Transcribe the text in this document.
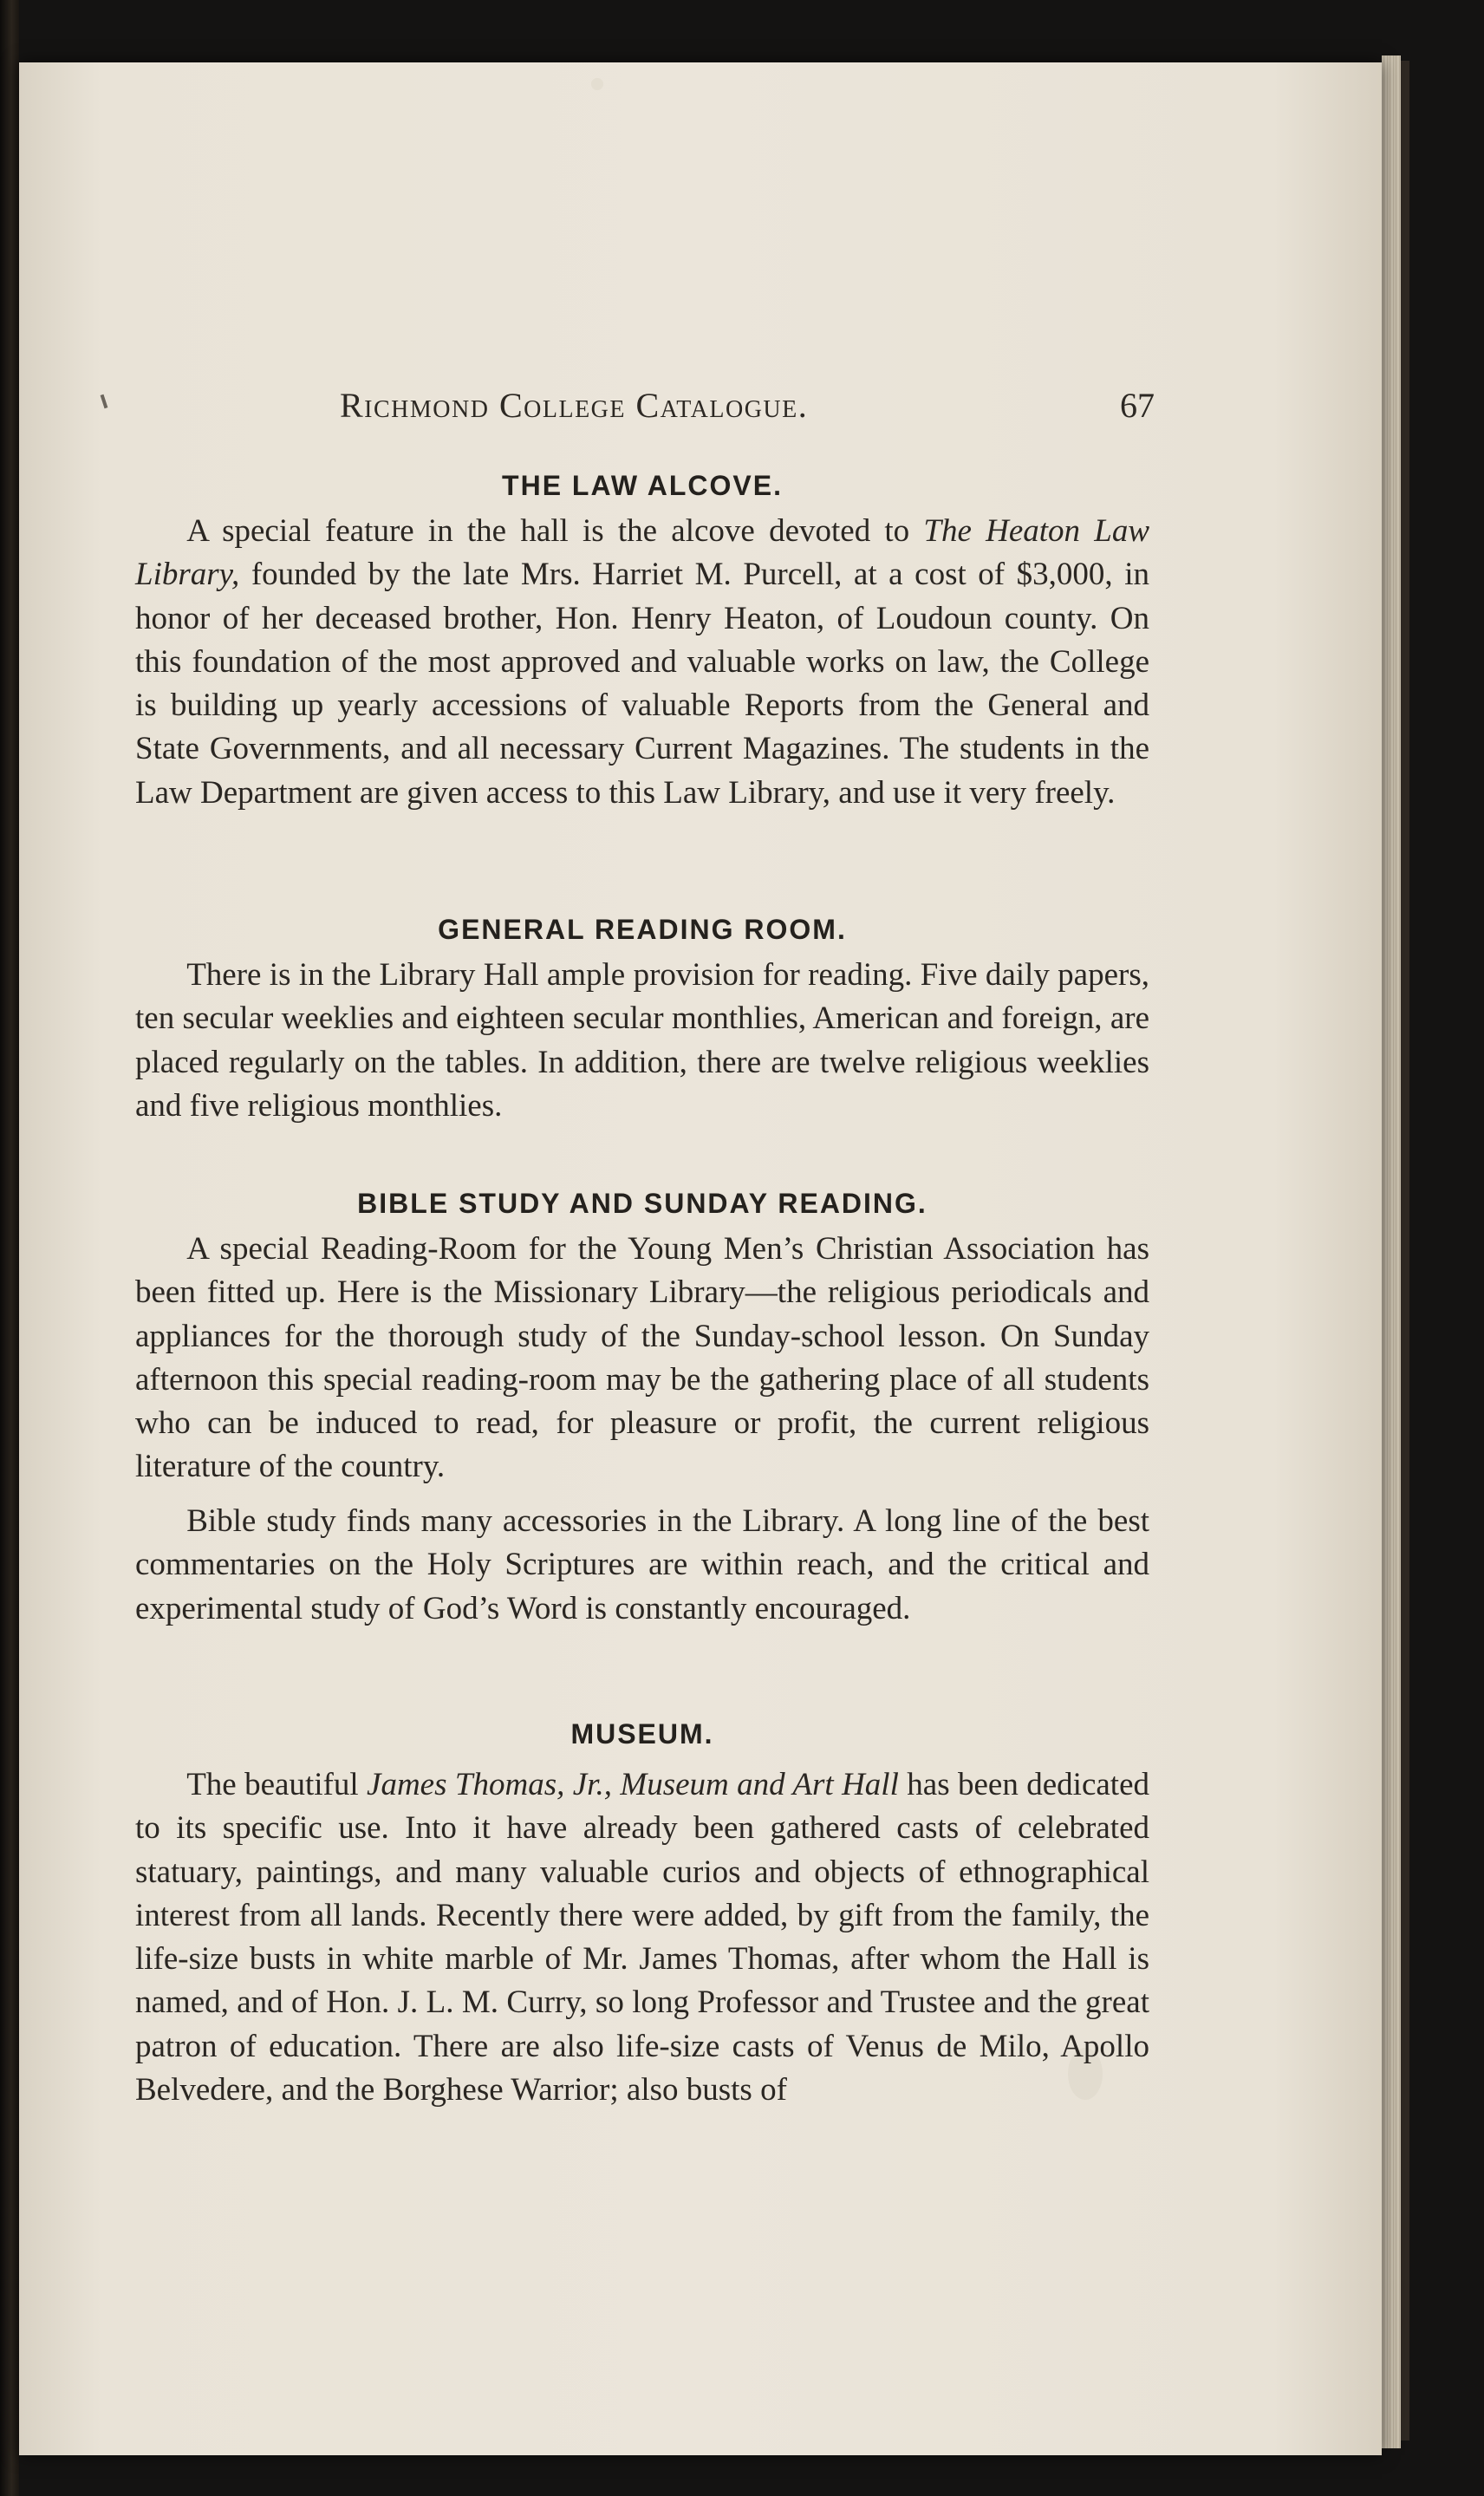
Richmond College Catalogue.	67
THE LAW ALCOVE.
A special feature in the hall is the alcove devoted to The Heaton Law Library, founded by the late Mrs. Harriet M. Purcell, at a cost of $3,000, in honor of her deceased brother, Hon. Henry Heaton, of Loudoun county. On this foundation of the most approved and valuable works on law, the College is building up yearly accessions of valuable Reports from the General and State Governments, and all necessary Current Magazines. The students in the Law Department are given access to this Law Library, and use it very freely.
GENERAL READING ROOM.
There is in the Library Hall ample provision for reading. Five daily papers, ten secular weeklies and eighteen secular monthlies, American and foreign, are placed regularly on the tables. In addition, there are twelve religious weeklies and five religious monthlies.
BIBLE STUDY AND SUNDAY READING.
A special Reading-Room for the Young Men’s Christian Association has been fitted up. Here is the Missionary Library—the religious periodicals and appliances for the thorough study of the Sunday-school lesson. On Sunday afternoon this special reading-room may be the gathering place of all students who can be induced to read, for pleasure or profit, the current religious literature of the country.
Bible study finds many accessories in the Library. A long line of the best commentaries on the Holy Scriptures are within reach, and the critical and experimental study of God’s Word is constantly encouraged.
MUSEUM.
The beautiful James Thomas, Jr., Museum and Art Hall has been dedicated to its specific use. Into it have already been gathered casts of celebrated statuary, paintings, and many valuable curios and objects of ethnographical interest from all lands. Recently there were added, by gift from the family, the life-size busts in white marble of Mr. James Thomas, after whom the Hall is named, and of Hon. J. L. M. Curry, so long Professor and Trustee and the great patron of education. There are also life-size casts of Venus de Milo, Apollo Belvedere, and the Borghese Warrior; also busts of
